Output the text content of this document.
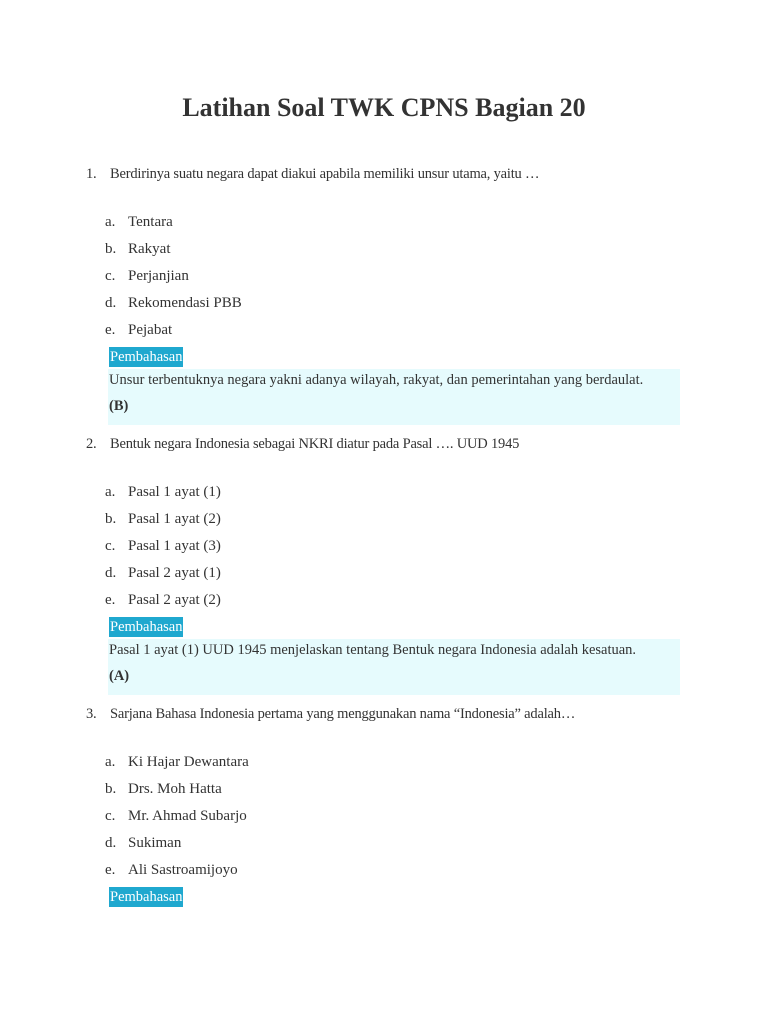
Latihan Soal TWK CPNS Bagian 20
1. Berdirinya suatu negara dapat diakui apabila memiliki unsur utama, yaitu …
a. Tentara
b. Rakyat
c. Perjanjian
d. Rekomendasi PBB
e. Pejabat
Pembahasan
Unsur terbentuknya negara yakni adanya wilayah, rakyat, dan pemerintahan yang berdaulat.
(B)
2. Bentuk negara Indonesia sebagai NKRI diatur pada Pasal …. UUD 1945
a. Pasal 1 ayat (1)
b. Pasal 1 ayat (2)
c. Pasal 1 ayat (3)
d. Pasal 2 ayat (1)
e. Pasal 2 ayat (2)
Pembahasan
Pasal 1 ayat (1) UUD 1945 menjelaskan tentang Bentuk negara Indonesia adalah kesatuan.
(A)
3. Sarjana Bahasa Indonesia pertama yang menggunakan nama “Indonesia” adalah…
a. Ki Hajar Dewantara
b. Drs. Moh Hatta
c. Mr. Ahmad Subarjo
d. Sukiman
e. Ali Sastroamijoyo
Pembahasan
